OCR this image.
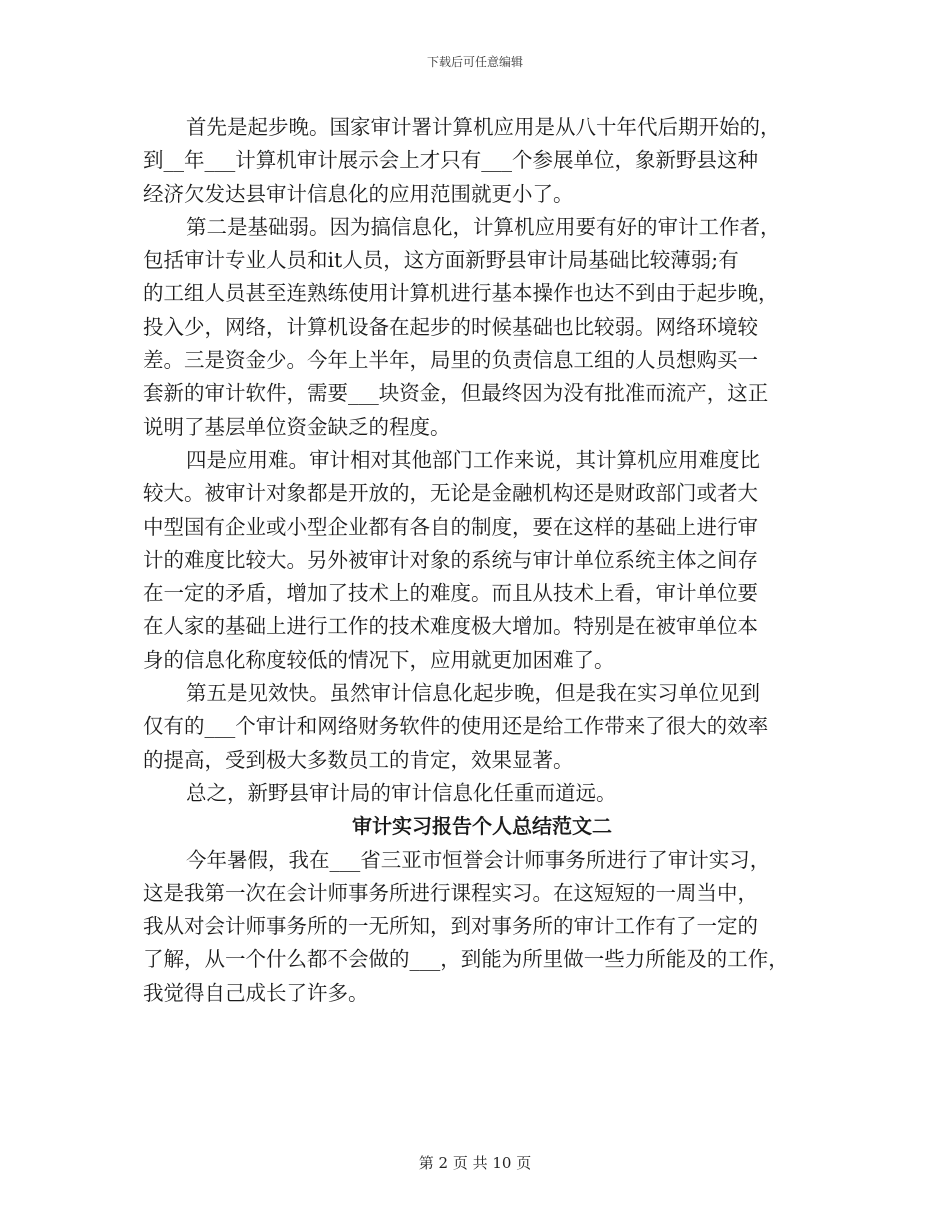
下载后可任意编辑
首先是起步晚。国家审计署计算机应用是从八十年代后期开始的，
到__年___计算机审计展示会上才只有___个参展单位，象新野县这种
经济欠发达县审计信息化的应用范围就更小了。
第二是基础弱。因为搞信息化，计算机应用要有好的审计工作者，
包括审计专业人员和it人员，这方面新野县审计局基础比较薄弱;有
的工组人员甚至连熟练使用计算机进行基本操作也达不到由于起步晚，
投入少，网络，计算机设备在起步的时候基础也比较弱。网络环境较
差。三是资金少。今年上半年，局里的负责信息工组的人员想购买一
套新的审计软件，需要___块资金，但最终因为没有批准而流产，这正
说明了基层单位资金缺乏的程度。
四是应用难。审计相对其他部门工作来说，其计算机应用难度比
较大。被审计对象都是开放的，无论是金融机构还是财政部门或者大
中型国有企业或小型企业都有各自的制度，要在这样的基础上进行审
计的难度比较大。另外被审计对象的系统与审计单位系统主体之间存
在一定的矛盾，增加了技术上的难度。而且从技术上看，审计单位要
在人家的基础上进行工作的技术难度极大增加。特别是在被审单位本
身的信息化称度较低的情况下，应用就更加困难了。
第五是见效快。虽然审计信息化起步晚，但是我在实习单位见到
仅有的___个审计和网络财务软件的使用还是给工作带来了很大的效率
的提高，受到极大多数员工的肯定，效果显著。
总之，新野县审计局的审计信息化任重而道远。
审计实习报告个人总结范文二
今年暑假，我在___省三亚市恒誉会计师事务所进行了审计实习，
这是我第一次在会计师事务所进行课程实习。在这短短的一周当中，
我从对会计师事务所的一无所知，到对事务所的审计工作有了一定的
了解，从一个什么都不会做的___，到能为所里做一些力所能及的工作，
我觉得自己成长了许多。
第 2 页 共 10 页
